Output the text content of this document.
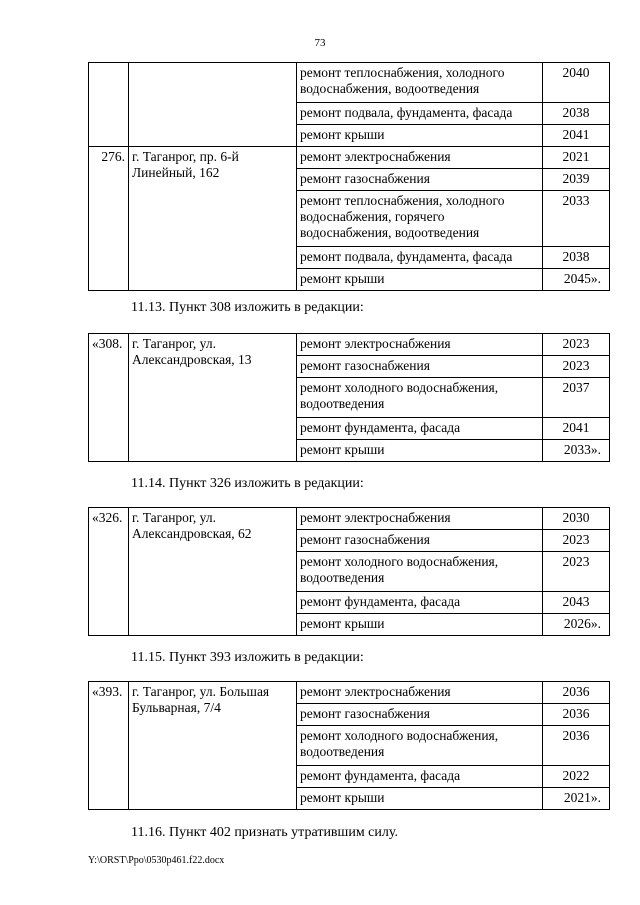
73
		ремонт теплоснабжения, холодного водоснабжения, водоотведения	2040
		ремонт подвала, фундамента, фасада	2038
		ремонт крыши	2041
276.	г. Таганрог, пр. 6-й Линейный, 162	ремонт электроснабжения	2021
		ремонт газоснабжения	2039
		ремонт теплоснабжения, холодного водоснабжения, горячего водоснабжения, водоотведения	2033
		ремонт подвала, фундамента, фасада	2038
		ремонт крыши	2045».
11.13. Пункт 308 изложить в редакции:
«308.	г. Таганрог, ул. Александровская, 13	ремонт электроснабжения	2023
		ремонт газоснабжения	2023
		ремонт холодного водоснабжения, водоотведения	2037
		ремонт фундамента, фасада	2041
		ремонт крыши	2033».
11.14. Пункт 326 изложить в редакции:
«326.	г. Таганрог, ул. Александровская, 62	ремонт электроснабжения	2030
		ремонт газоснабжения	2023
		ремонт холодного водоснабжения, водоотведения	2023
		ремонт фундамента, фасада	2043
		ремонт крыши	2026».
11.15. Пункт 393 изложить в редакции:
«393.	г. Таганрог, ул. Большая Бульварная, 7/4	ремонт электроснабжения	2036
		ремонт газоснабжения	2036
		ремонт холодного водоснабжения, водоотведения	2036
		ремонт фундамента, фасада	2022
		ремонт крыши	2021».
11.16. Пункт 402 признать утратившим силу.
Y:\ORST\Ppo\0530p461.f22.docx
